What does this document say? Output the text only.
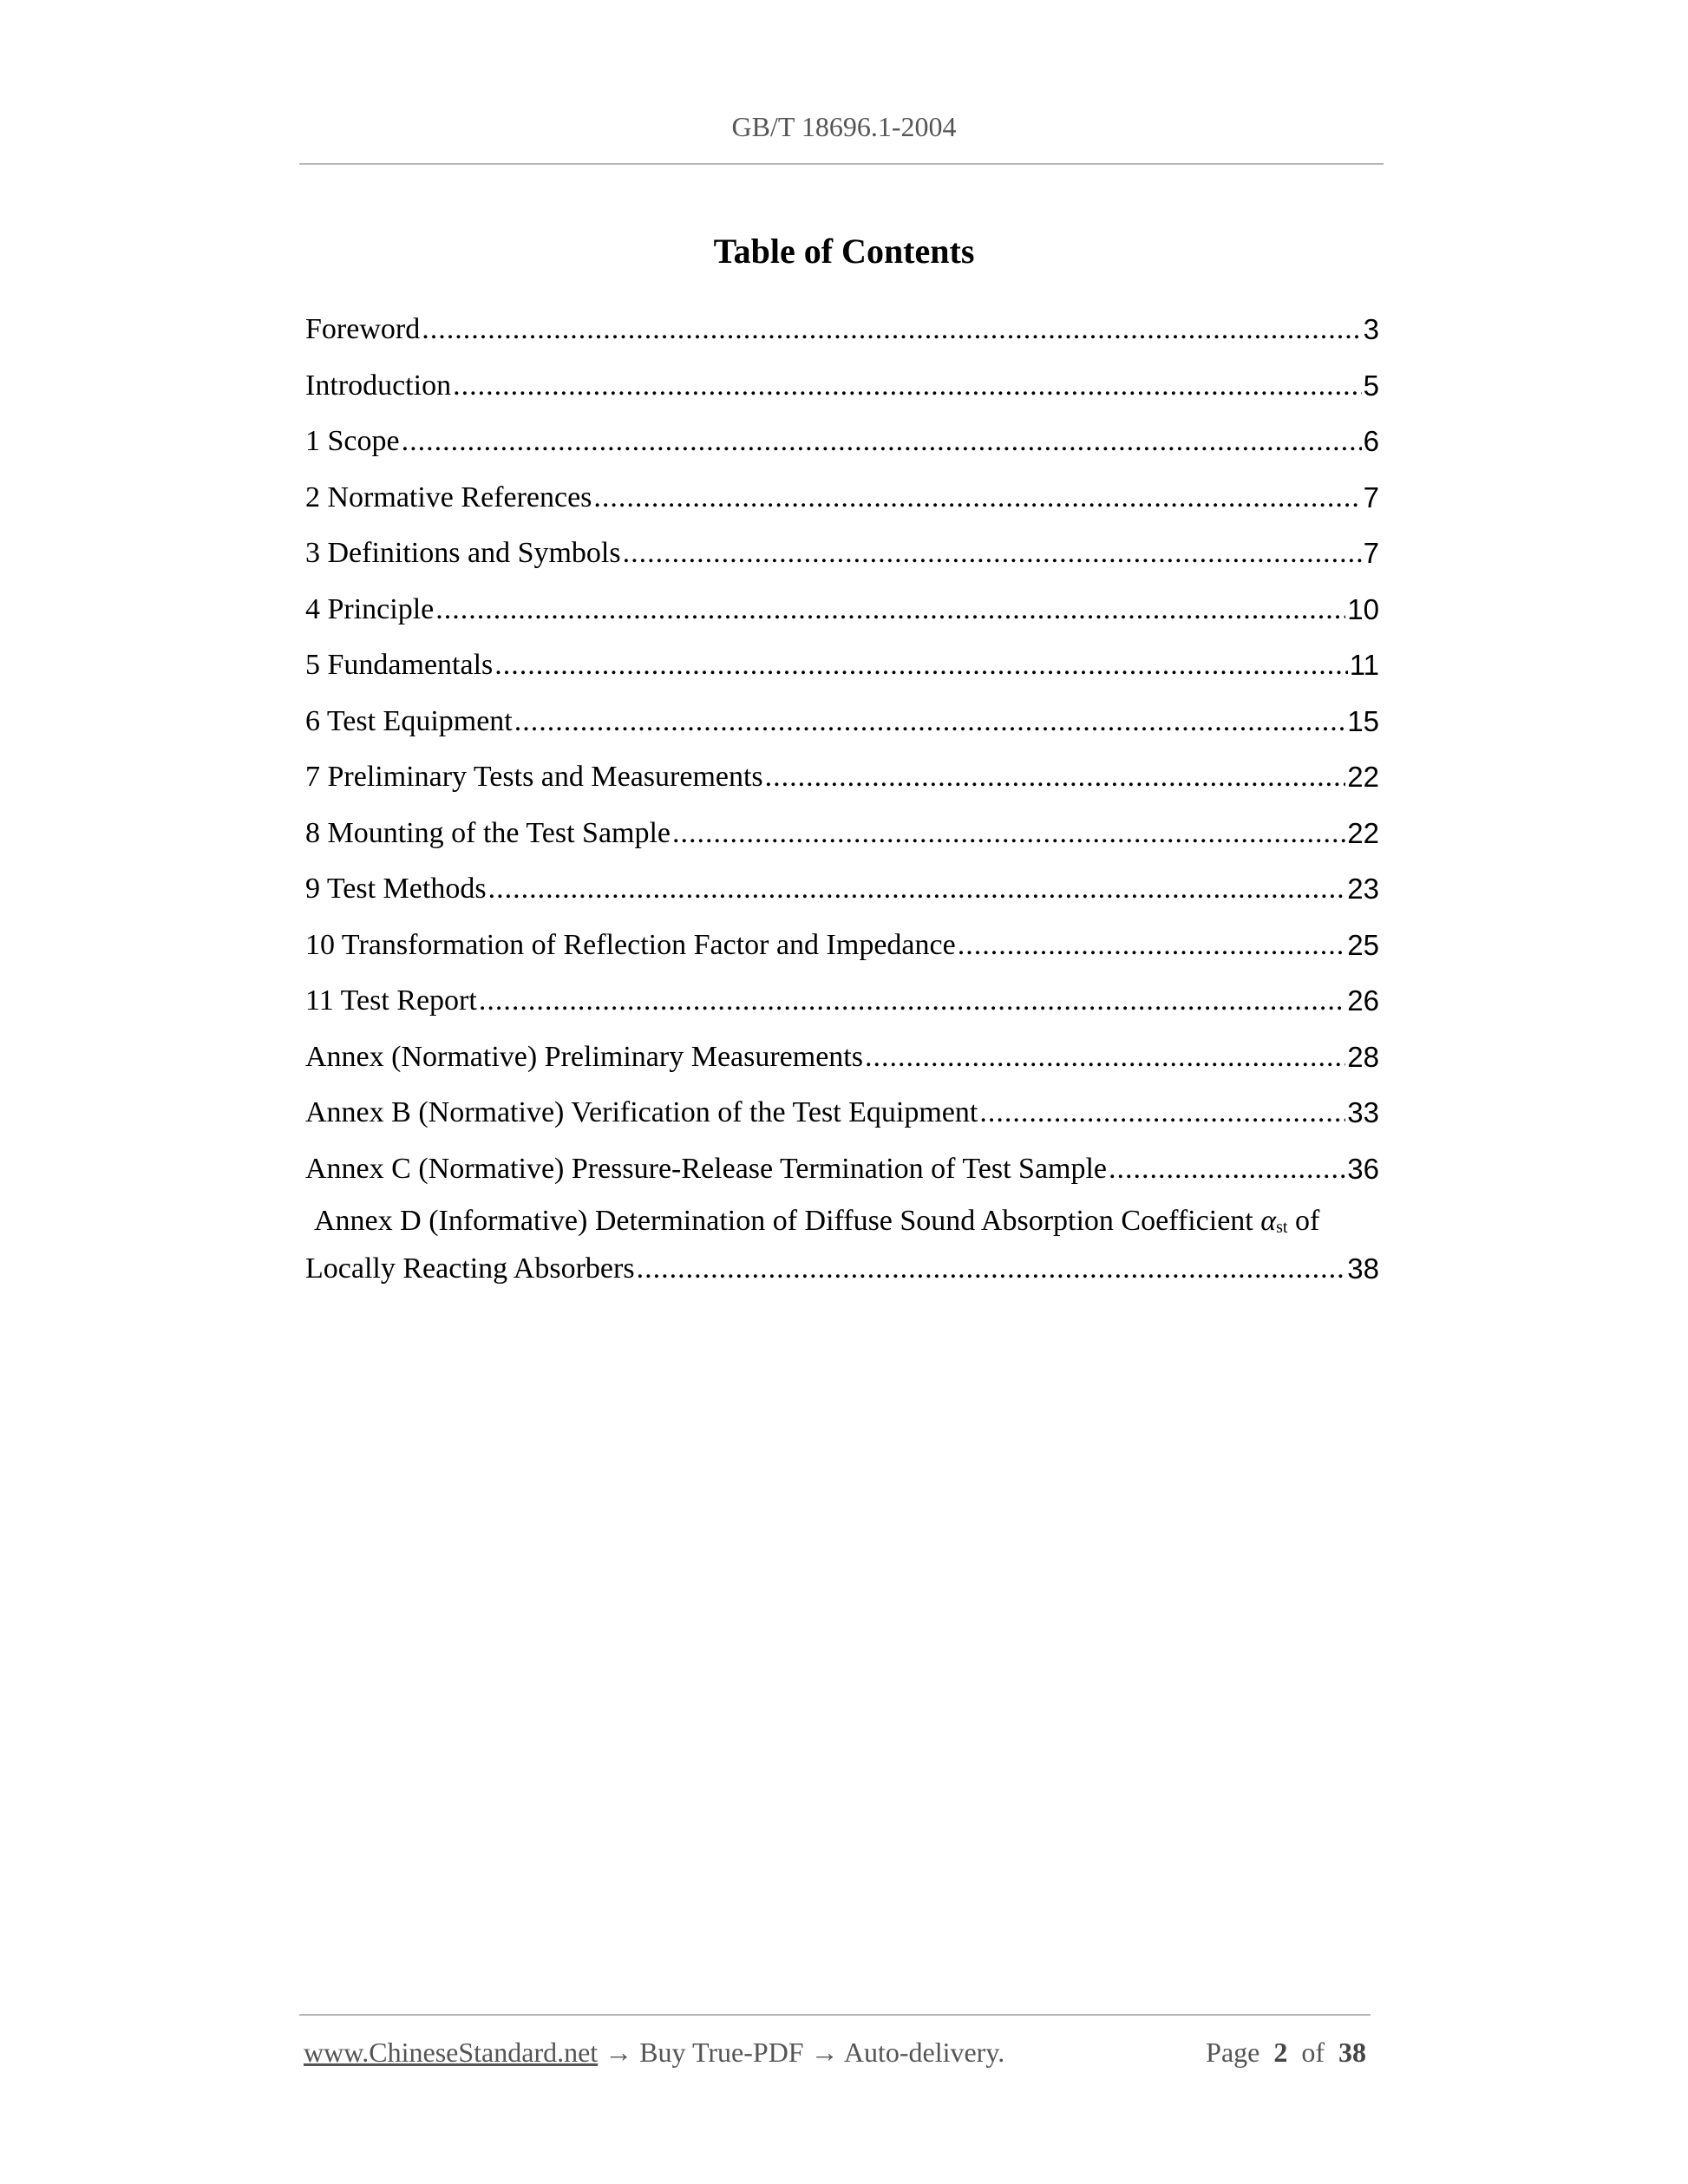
GB/T 18696.1-2004
Table of Contents
Foreword .....	3
Introduction .....	5
1 Scope .....	6
2 Normative References .....	7
3 Definitions and Symbols .....	7
4 Principle .....	10
5 Fundamentals .....	11
6 Test Equipment .....	15
7 Preliminary Tests and Measurements .....	22
8 Mounting of the Test Sample .....	22
9 Test Methods .....	23
10 Transformation of Reflection Factor and Impedance .....	25
11 Test Report .....	26
Annex (Normative) Preliminary Measurements .....	28
Annex B (Normative) Verification of the Test Equipment .....	33
Annex C (Normative) Pressure-Release Termination of Test Sample .....	36
Annex D (Informative) Determination of Diffuse Sound Absorption Coefficient αst of
Locally Reacting Absorbers .....	38
www.ChineseStandard.net → Buy True-PDF → Auto-delivery.	Page 2 of 38
